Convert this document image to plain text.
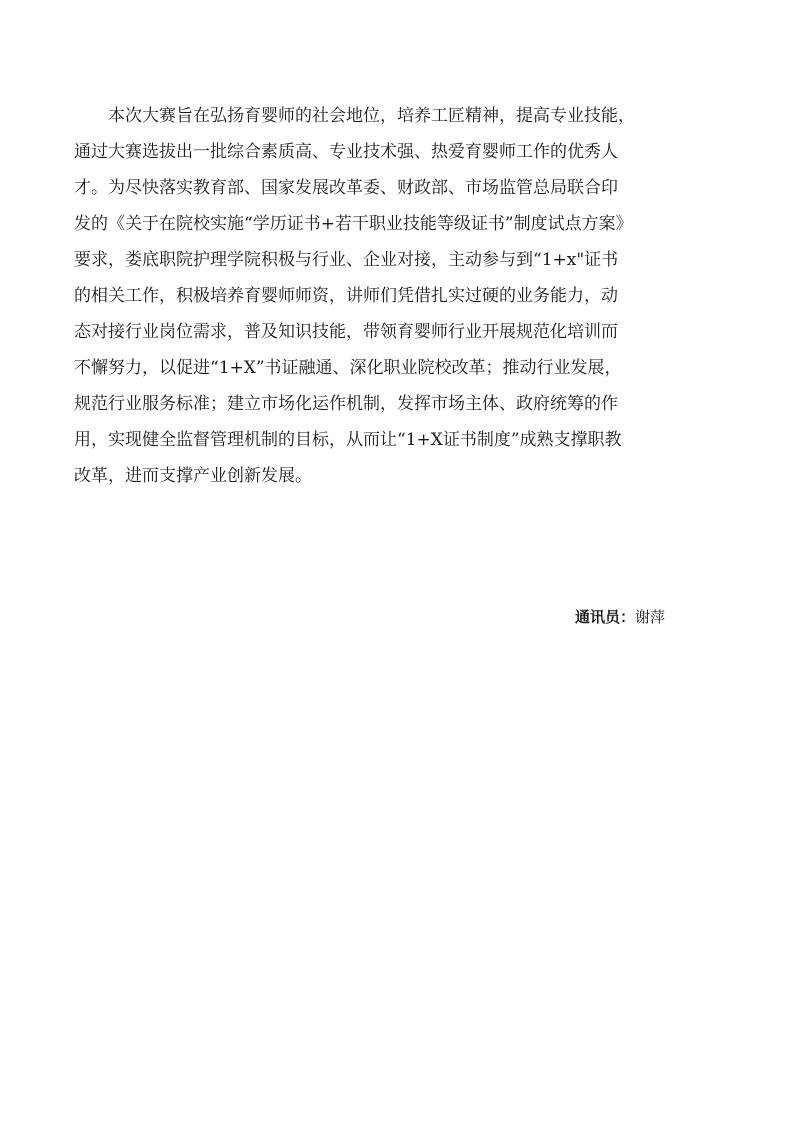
本次大赛旨在弘扬育婴师的社会地位，培养工匠精神，提高专业技能，
通过大赛选拔出一批综合素质高、专业技术强、热爱育婴师工作的优秀人
才。为尽快落实教育部、国家发展改革委、财政部、市场监管总局联合印
发的《关于在院校实施“学历证书+若干职业技能等级证书”制度试点方案》
要求，娄底职院护理学院积极与行业、企业对接，主动参与到“1+x"证书
的相关工作，积极培养育婴师师资，讲师们凭借扎实过硬的业务能力，动
态对接行业岗位需求，普及知识技能，带领育婴师行业开展规范化培训而
不懈努力，以促进“1+X”书证融通、深化职业院校改革；推动行业发展，
规范行业服务标准；建立市场化运作机制，发挥市场主体、政府统筹的作
用，实现健全监督管理机制的目标，从而让“1+X证书制度”成熟支撑职教
改革，进而支撑产业创新发展。

通讯员：谢萍
